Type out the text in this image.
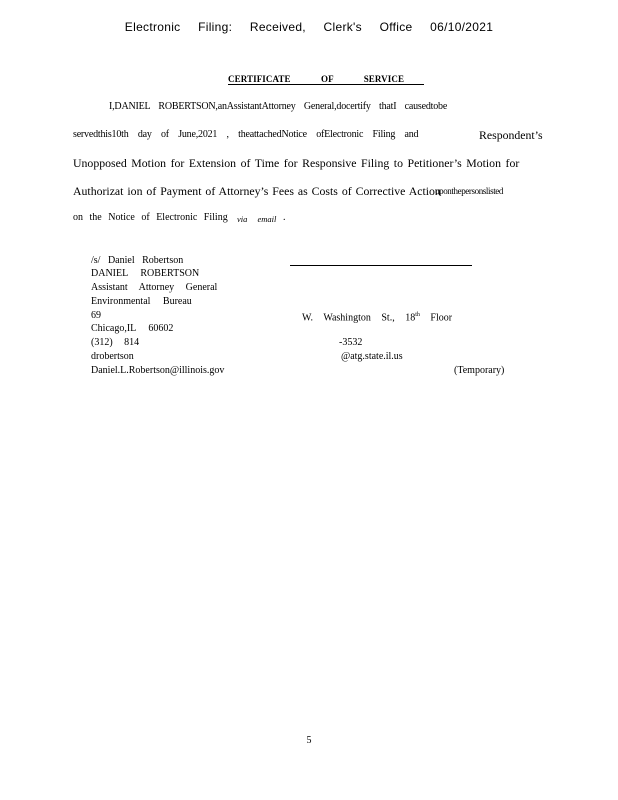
Electronic Filing: Received, Clerk's Office 06/10/2021
CERTIFICATE OF SERVICE
I,DANIEL ROBERTSON,anAssistantAttorney General,docertify thatI causedtobe
servedthis10th day of June,2021 , theattachedNotice ofElectronic Filing and	Respondent’s
Unopposed Motion for Extension of Time for Responsive Filing to Petitioner’s Motion for
Authorizat ion of Payment of Attorney’s Fees as Costs of Corrective Action
uponthepersonslisted
on the Notice of Electronic Filing via email .
/s/ Daniel Robertson
DANIEL ROBERTSON
Assistant Attorney General
Environmental Bureau
69	W. Washington St., 18th Floor
Chicago,IL 60602
(312) 814	-3532
drobertson	@atg.state.il.us
Daniel.L.Robertson@illinois.gov	(Temporary)
5
